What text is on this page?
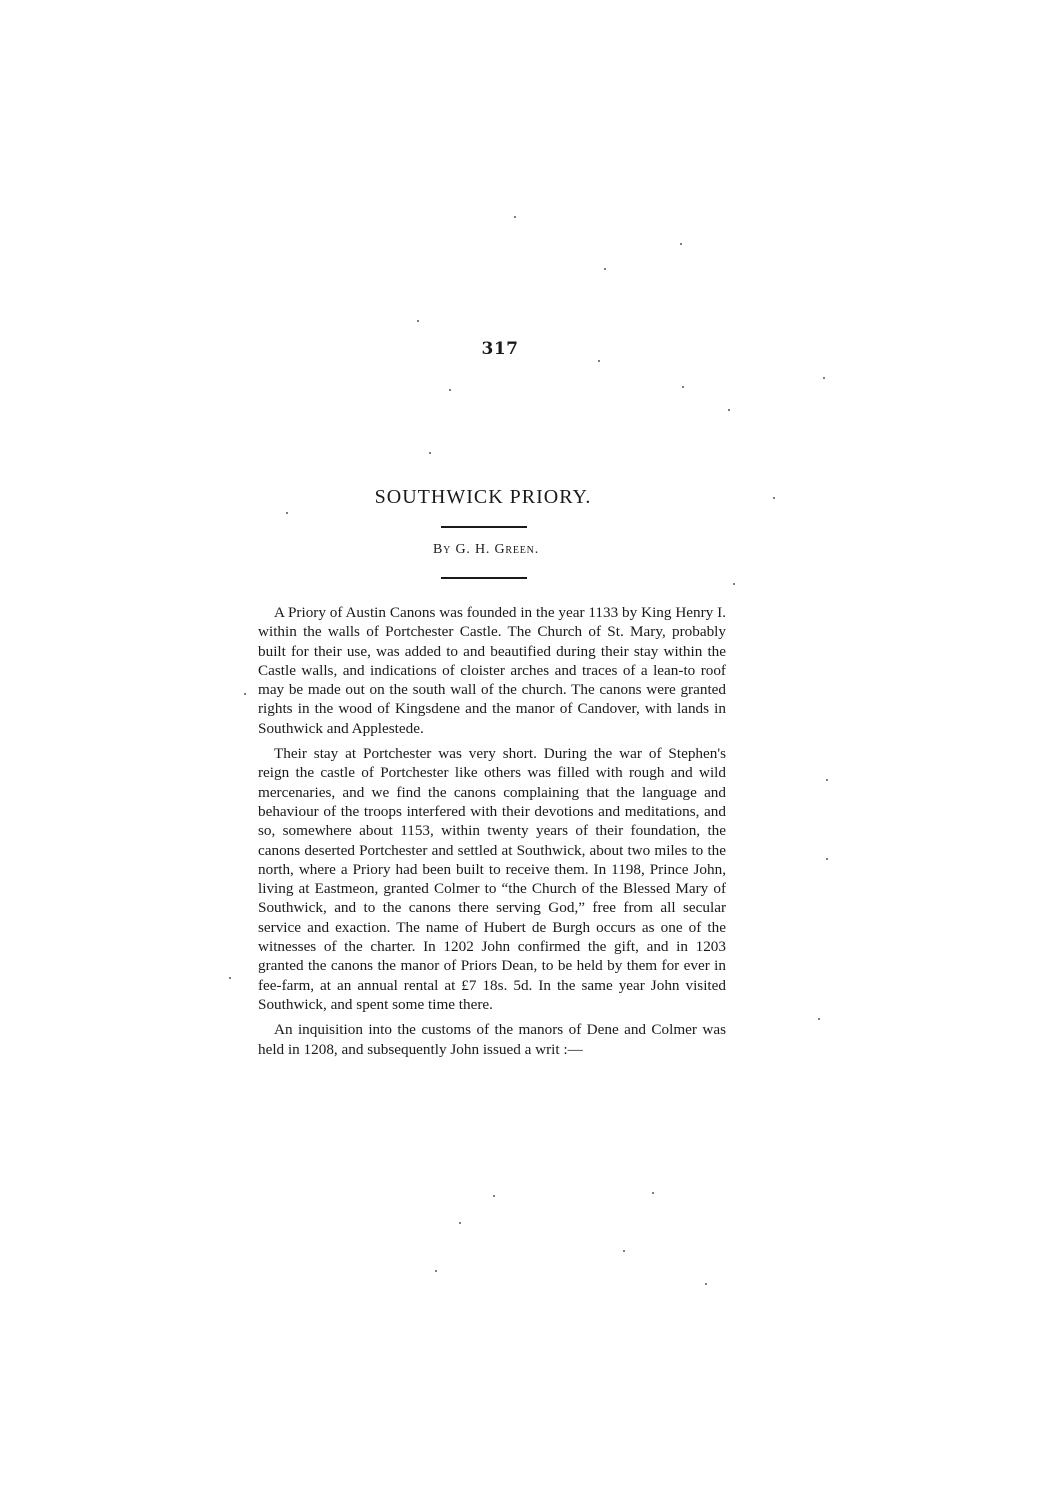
317
SOUTHWICK PRIORY.
By G. H. Green.

A Priory of Austin Canons was founded in the year 1133 by King Henry I. within the walls of Portchester Castle. The Church of St. Mary, probably built for their use, was added to and beautified during their stay within the Castle walls, and indications of cloister arches and traces of a lean-to roof may be made out on the south wall of the church. The canons were granted rights in the wood of Kingsdene and the manor of Candover, with lands in Southwick and Applestede.

Their stay at Portchester was very short. During the war of Stephen's reign the castle of Portchester like others was filled with rough and wild mercenaries, and we find the canons complaining that the language and behaviour of the troops interfered with their devotions and meditations, and so, somewhere about 1153, within twenty years of their foundation, the canons deserted Portchester and settled at Southwick, about two miles to the north, where a Priory had been built to receive them. In 1198, Prince John, living at Eastmeon, granted Colmer to “the Church of the Blessed Mary of Southwick, and to the canons there serving God,” free from all secular service and exaction. The name of Hubert de Burgh occurs as one of the witnesses of the charter. In 1202 John confirmed the gift, and in 1203 granted the canons the manor of Priors Dean, to be held by them for ever in fee-farm, at an annual rental at £7 18s. 5d. In the same year John visited Southwick, and spent some time there.

An inquisition into the customs of the manors of Dene and Colmer was held in 1208, and subsequently John issued a writ :—
